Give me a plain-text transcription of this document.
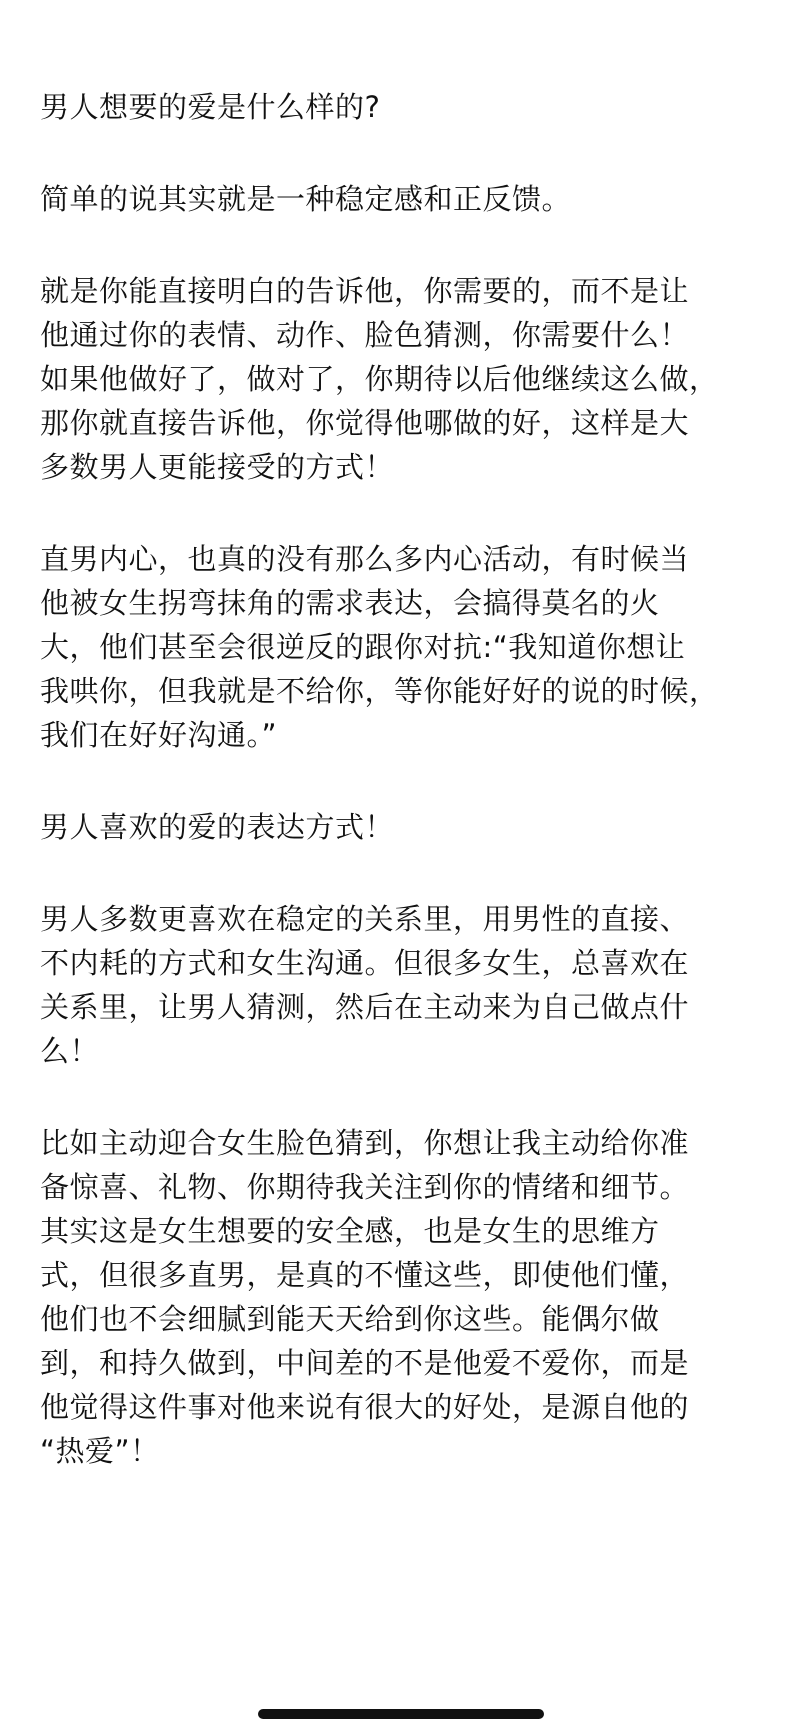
男人想要的爱是什么样的?

简单的说其实就是一种稳定感和正反馈。

就是你能直接明白的告诉他，你需要的，而不是让
他通过你的表情、动作、脸色猜测，你需要什么！
如果他做好了，做对了，你期待以后他继续这么做，
那你就直接告诉他，你觉得他哪做的好，这样是大
多数男人更能接受的方式！

直男内心，也真的没有那么多内心活动，有时候当
他被女生拐弯抹角的需求表达，会搞得莫名的火
大，他们甚至会很逆反的跟你对抗:“我知道你想让
我哄你，但我就是不给你，等你能好好的说的时候，
我们在好好沟通。”

男人喜欢的爱的表达方式！

男人多数更喜欢在稳定的关系里，用男性的直接、
不内耗的方式和女生沟通。但很多女生，总喜欢在
关系里，让男人猜测，然后在主动来为自己做点什
么！

比如主动迎合女生脸色猜到，你想让我主动给你准
备惊喜、礼物、你期待我关注到你的情绪和细节。
其实这是女生想要的安全感，也是女生的思维方
式，但很多直男，是真的不懂这些，即使他们懂，
他们也不会细腻到能天天给到你这些。能偶尔做
到，和持久做到，中间差的不是他爱不爱你，而是
他觉得这件事对他来说有很大的好处，是源自他的
“热爱”！
